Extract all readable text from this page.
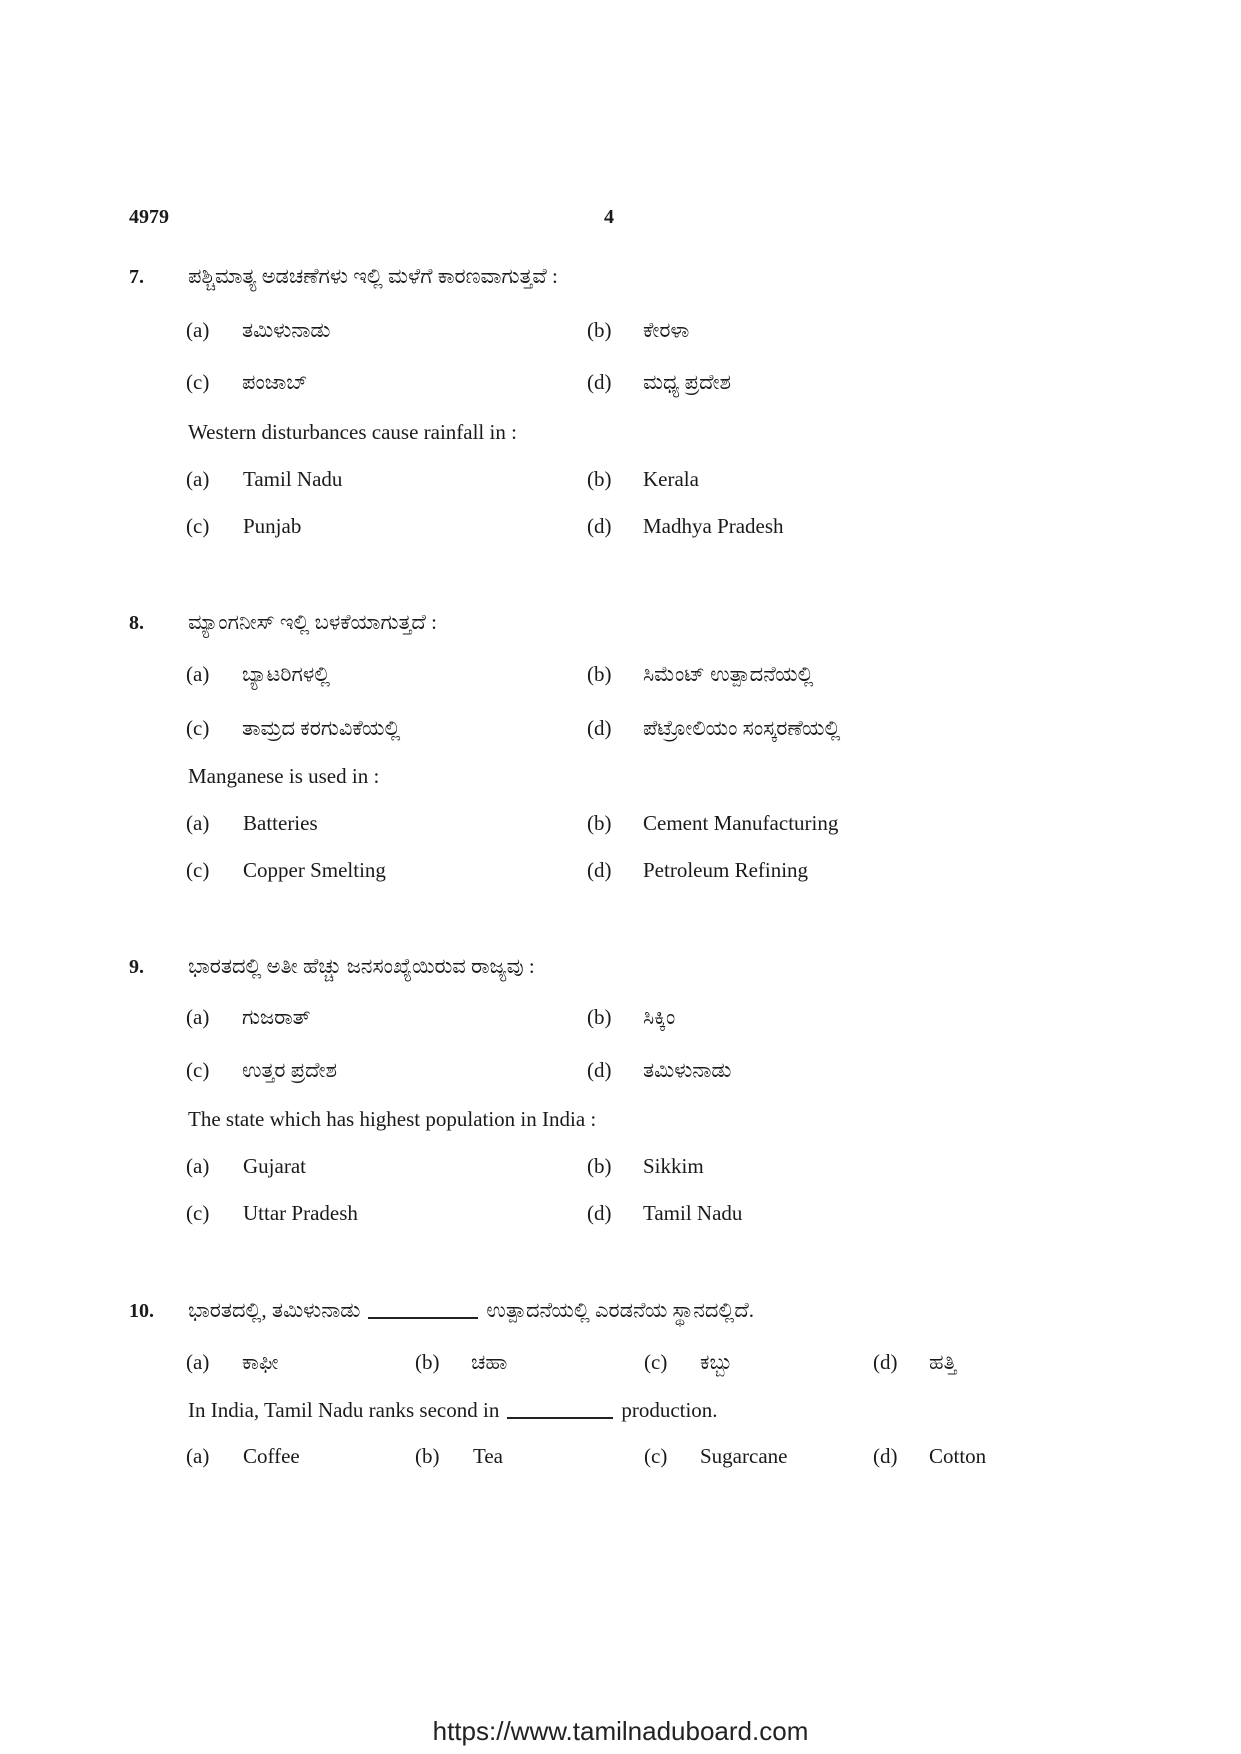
4979	4
7. ಪಶ್ಚಿಮಾತ್ಯ ಅಡಚಣೆಗಳು ಇಲ್ಲಿ ಮಳೆಗೆ ಕಾರಣವಾಗುತ್ತವೆ :
(a) ತಮಿಳುನಾಡು	(b) ಕೇರಳಾ
(c) ಪಂಜಾಬ್	(d) ಮಧ್ಯ ಪ್ರದೇಶ
Western disturbances cause rainfall in :
(a) Tamil Nadu	(b) Kerala
(c) Punjab	(d) Madhya Pradesh
8. ಮ್ಯಾಂಗನೀಸ್ ಇಲ್ಲಿ ಬಳಕೆಯಾಗುತ್ತದೆ :
(a) ಬ್ಯಾಟರಿಗಳಲ್ಲಿ	(b) ಸಿಮೆಂಟ್ ಉತ್ಪಾದನೆಯಲ್ಲಿ
(c) ತಾಮ್ರದ ಕರಗುವಿಕೆಯಲ್ಲಿ	(d) ಪೆಟ್ರೋಲಿಯಂ ಸಂಸ್ಕರಣೆಯಲ್ಲಿ
Manganese is used in :
(a) Batteries	(b) Cement Manufacturing
(c) Copper Smelting	(d) Petroleum Refining
9. ಭಾರತದಲ್ಲಿ ಅತೀ ಹೆಚ್ಚು ಜನಸಂಖ್ಯೆಯಿರುವ ರಾಜ್ಯವು :
(a) ಗುಜರಾತ್	(b) ಸಿಕ್ಕಿಂ
(c) ಉತ್ತರ ಪ್ರದೇಶ	(d) ತಮಿಳುನಾಡು
The state which has highest population in India :
(a) Gujarat	(b) Sikkim
(c) Uttar Pradesh	(d) Tamil Nadu
10. ಭಾರತದಲ್ಲಿ, ತಮಿಳುನಾಡು	ಉತ್ಪಾದನೆಯಲ್ಲಿ ಎರಡನೆಯ ಸ್ಥಾನದಲ್ಲಿದೆ.
(a) ಕಾಫೀ	(b) ಚಹಾ	(c) ಕಬ್ಬು	(d) ಹತ್ತಿ
In India, Tamil Nadu ranks second in	production.
(a) Coffee	(b) Tea	(c) Sugarcane	(d) Cotton
https://www.tamilnaduboard.com
